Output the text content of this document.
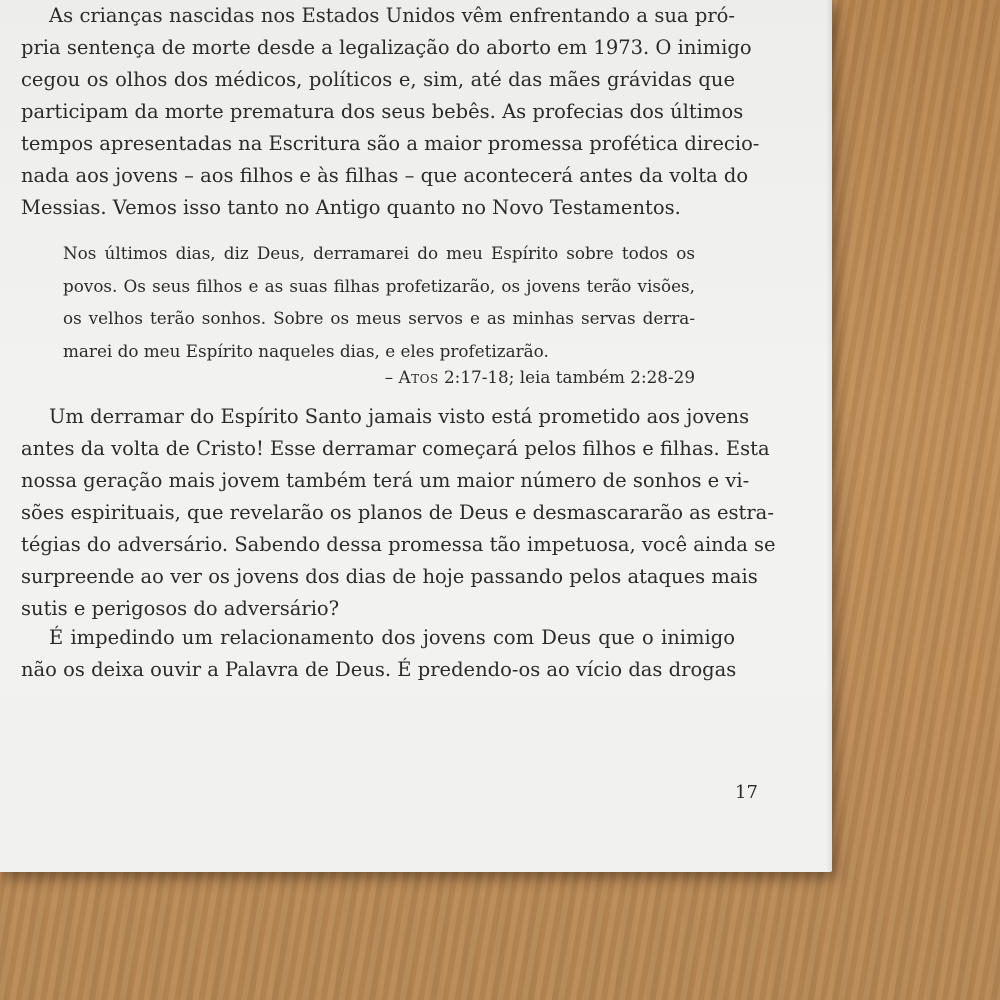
As crianças nascidas nos Estados Unidos vêm enfrentando a sua pró-
pria sentença de morte desde a legalização do aborto em 1973. O inimigo
cegou os olhos dos médicos, políticos e, sim, até das mães grávidas que
participam da morte prematura dos seus bebês. As profecias dos últimos
tempos apresentadas na Escritura são a maior promessa profética direcio-
nada aos jovens – aos filhos e às filhas – que acontecerá antes da volta do
Messias. Vemos isso tanto no Antigo quanto no Novo Testamentos.
Nos últimos dias, diz Deus, derramarei do meu Espírito sobre todos os
povos. Os seus filhos e as suas filhas profetizarão, os jovens terão visões,
os velhos terão sonhos. Sobre os meus servos e as minhas servas derra-
marei do meu Espírito naqueles dias, e eles profetizarão.
– Atos 2:17-18; leia também 2:28-29
Um derramar do Espírito Santo jamais visto está prometido aos jovens
antes da volta de Cristo! Esse derramar começará pelos filhos e filhas. Esta
nossa geração mais jovem também terá um maior número de sonhos e vi-
sões espirituais, que revelarão os planos de Deus e desmascararão as estra-
tégias do adversário. Sabendo dessa promessa tão impetuosa, você ainda se
surpreende ao ver os jovens dos dias de hoje passando pelos ataques mais
sutis e perigosos do adversário?
É impedindo um relacionamento dos jovens com Deus que o inimigo
não os deixa ouvir a Palavra de Deus. É predendo-os ao vício das drogas
17
